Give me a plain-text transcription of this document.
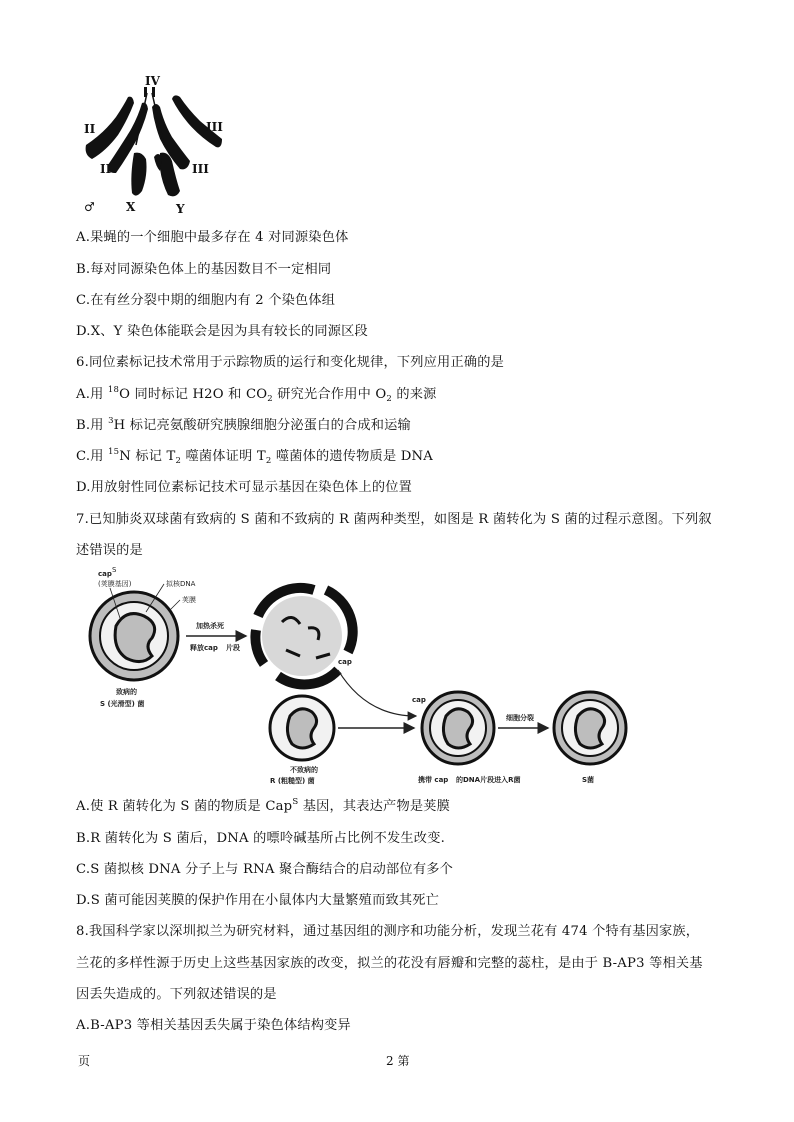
IV
II	III
II	III
♂	X	Y
A.果蝇的一个细胞中最多存在 4 对同源染色体
B.每对同源染色体上的基因数目不一定相同
C.在有丝分裂中期的细胞内有 2 个染色体组
D.X、Y 染色体能联会是因为具有较长的同源区段
6.同位素标记技术常用于示踪物质的运行和变化规律，下列应用正确的是
A.用 $^{18}$O 同时标记 H2O 和 $CO_2$ 研究光合作用中 $O_2$ 的来源
B.用 $^3$H 标记亮氨酸研究胰腺细胞分泌蛋白的合成和运输
C.用 $^{15}$N 标记 $T_2$ 噬菌体证明 $T_2$ 噬菌体的遗传物质是 DNA
D.用放射性同位素标记技术可显示基因在染色体上的位置
7.已知肺炎双球菌有致病的 S 菌和不致病的 R 菌两种类型，如图是 R 菌转化为 S 菌的过程示意图。下列叙
述错误的是
cap S
(荚膜基因)	拟核DNA
荚膜
致病的
S (光滑型) 菌
加热杀死
释放cap 片段
cap
不致病的
R (粗糙型) 菌
cap
携带 cap 的DNA片段进入R菌
细胞分裂
S菌
A.使 R 菌转化为 S 菌的物质是 Cap$^S$ 基因，其表达产物是荚膜
B.R 菌转化为 S 菌后，DNA 的嘌呤碱基所占比例不发生改变.
C.S 菌拟核 DNA 分子上与 RNA 聚合酶结合的启动部位有多个
D.S 菌可能因荚膜的保护作用在小鼠体内大量繁殖而致其死亡
8.我国科学家以深圳拟兰为研究材料，通过基因组的测序和功能分析，发现兰花有 474 个特有基因家族，
兰花的多样性源于历史上这些基因家族的改变，拟兰的花没有唇瓣和完整的蕊柱，是由于 B-AP3 等相关基
因丢失造成的。下列叙述错误的是
A.B-AP3 等相关基因丢失属于染色体结构变异
页	2 第
